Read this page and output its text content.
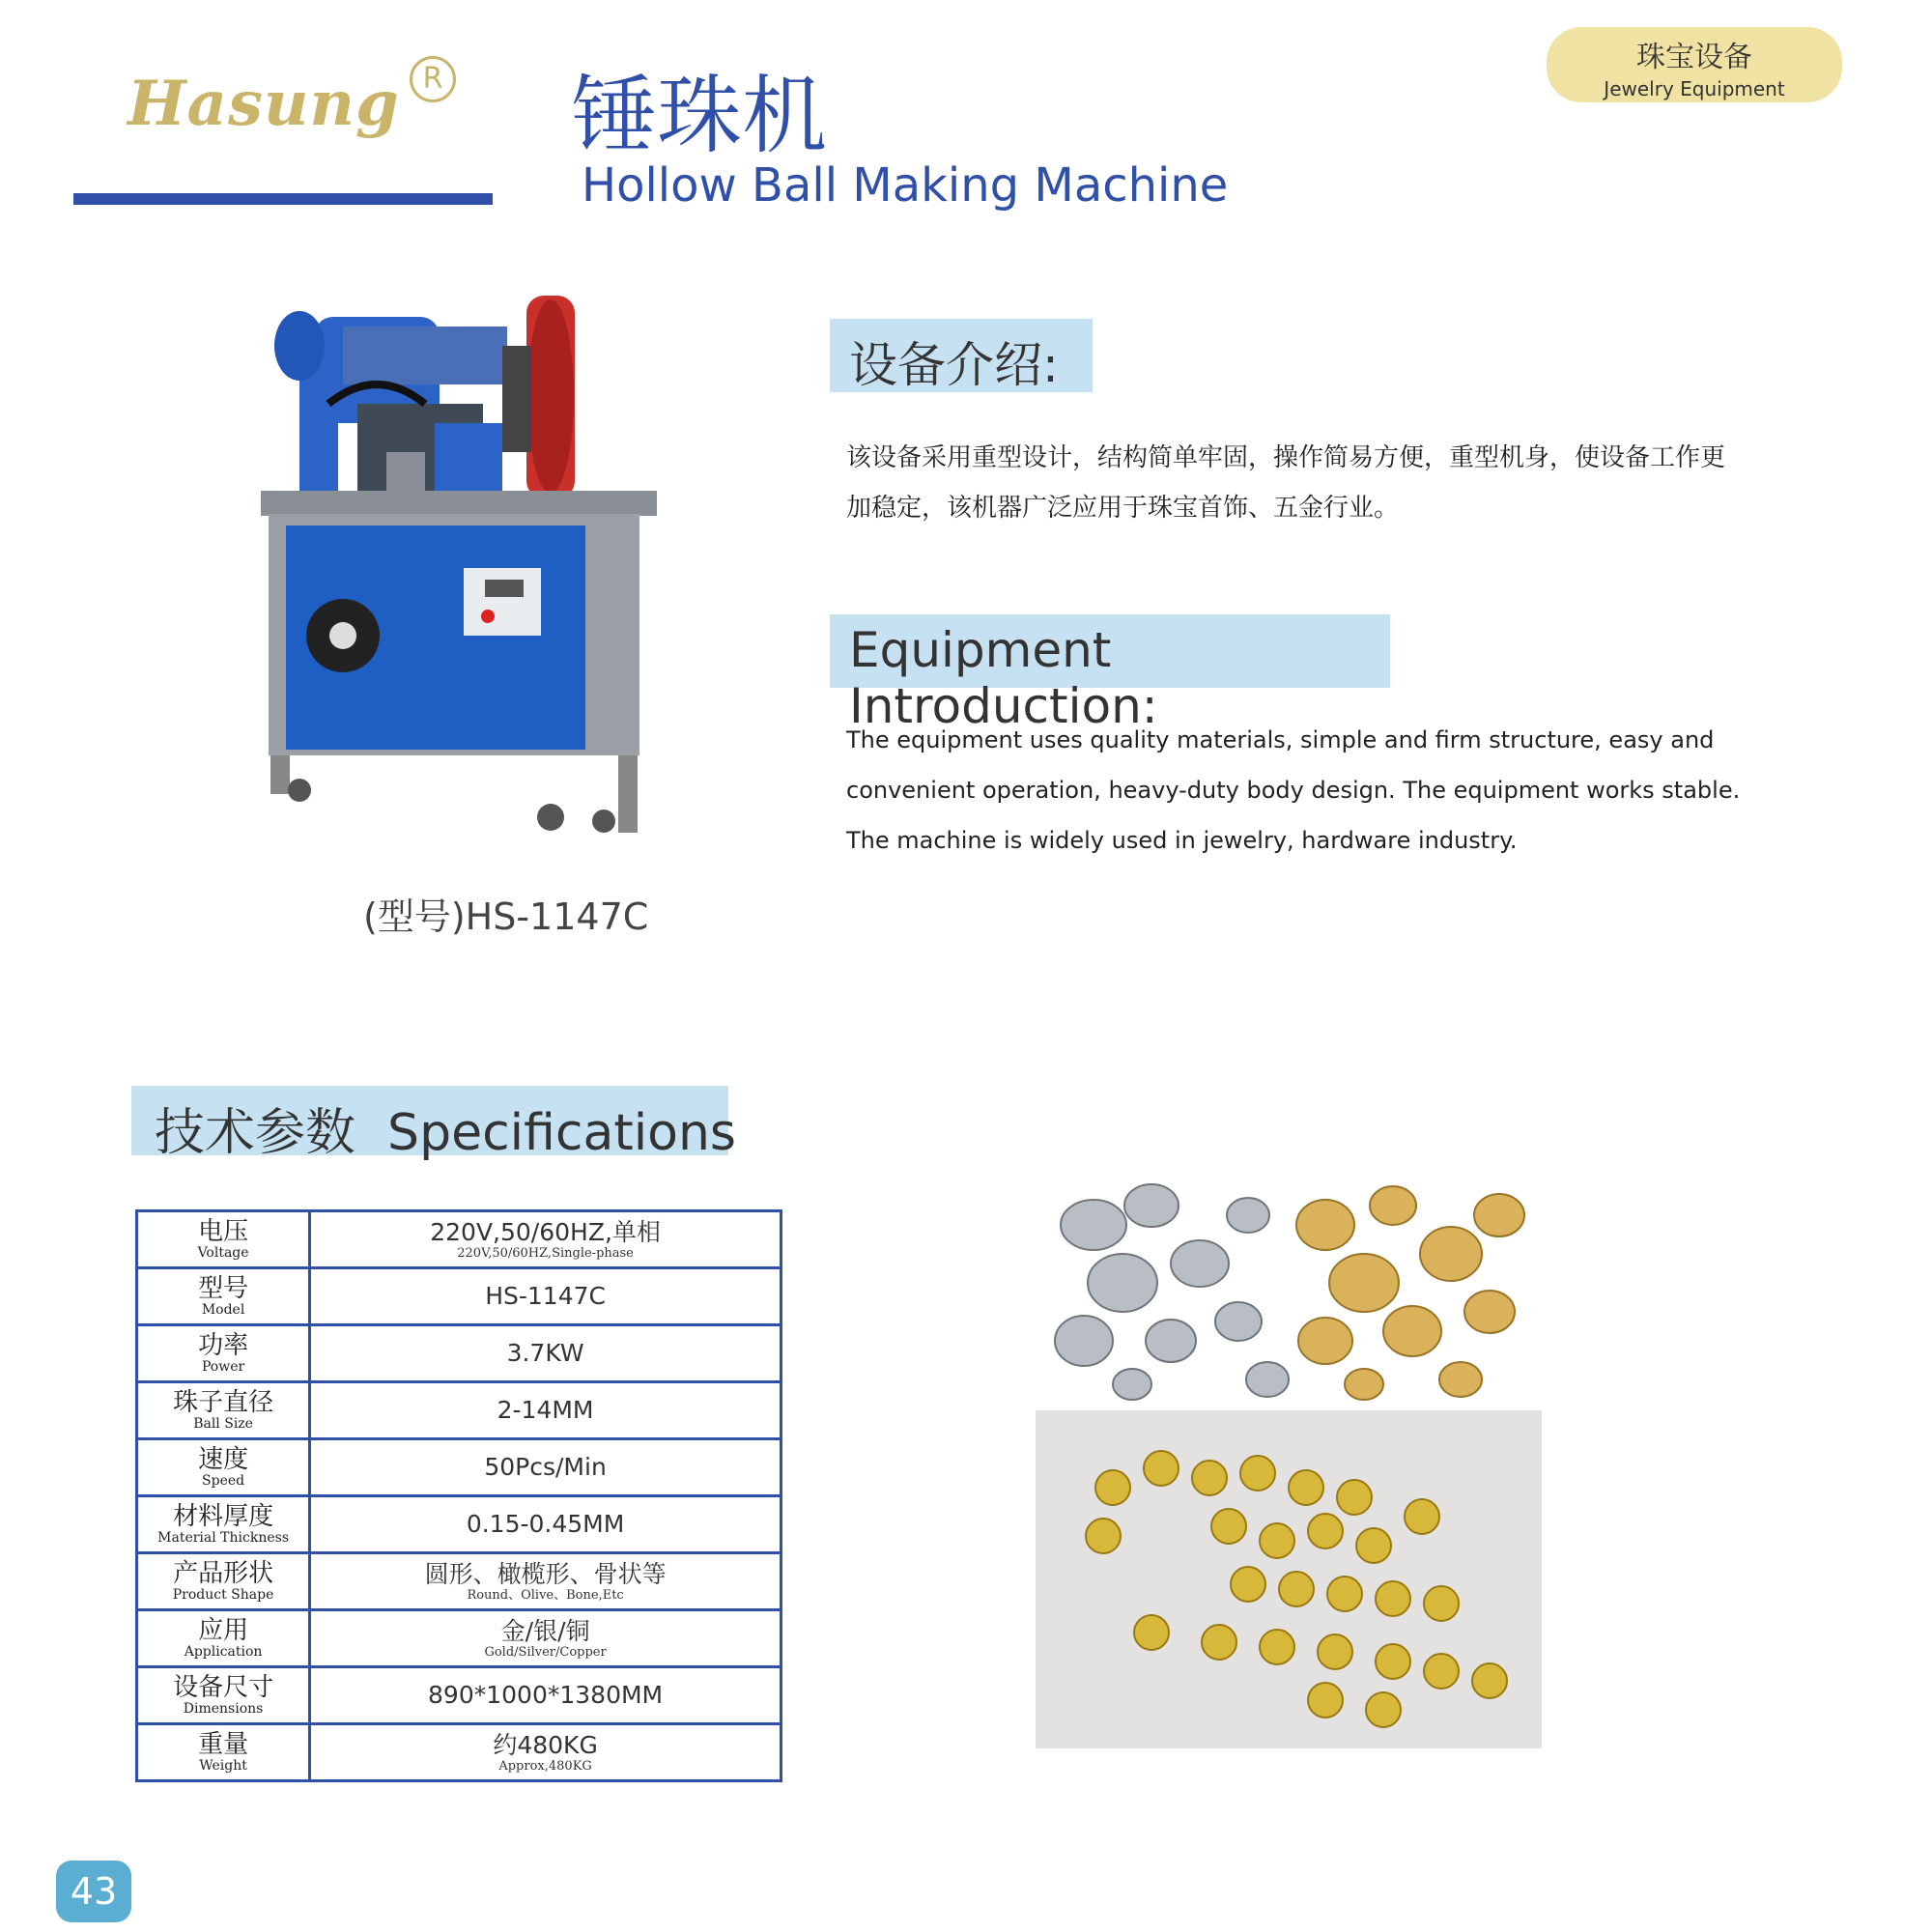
Hasung R 锤珠机
Hollow Ball Making Machine
珠宝设备
Jewelry Equipment
(型号)HS-1147C
设备介绍:
该设备采用重型设计，结构简单牢固，操作简易方便，重型机身，使设备工作更加稳定，该机器广泛应用于珠宝首饰、五金行业。
Equipment Introduction:
The equipment uses quality materials, simple and firm structure, easy and convenient operation, heavy-duty body design. The equipment works stable. The machine is widely used in jewelry, hardware industry.
技术参数  Specifications
电压
Voltage	220V,50/60HZ,单相
220V,50/60HZ,Single-phase

型号
Model	HS-1147C

功率
Power	3.7KW

珠子直径
Ball Size	2-14MM

速度
Speed	50Pcs/Min

材料厚度
Material Thickness	0.15-0.45MM

产品形状
Product Shape	圆形、橄榄形、骨状等
Round、Olive、Bone,Etc

应用
Application	金/银/铜
Gold/Silver/Copper

设备尺寸
Dimensions	890*1000*1380MM

重量
Weight	约480KG
Approx,480KG
43
